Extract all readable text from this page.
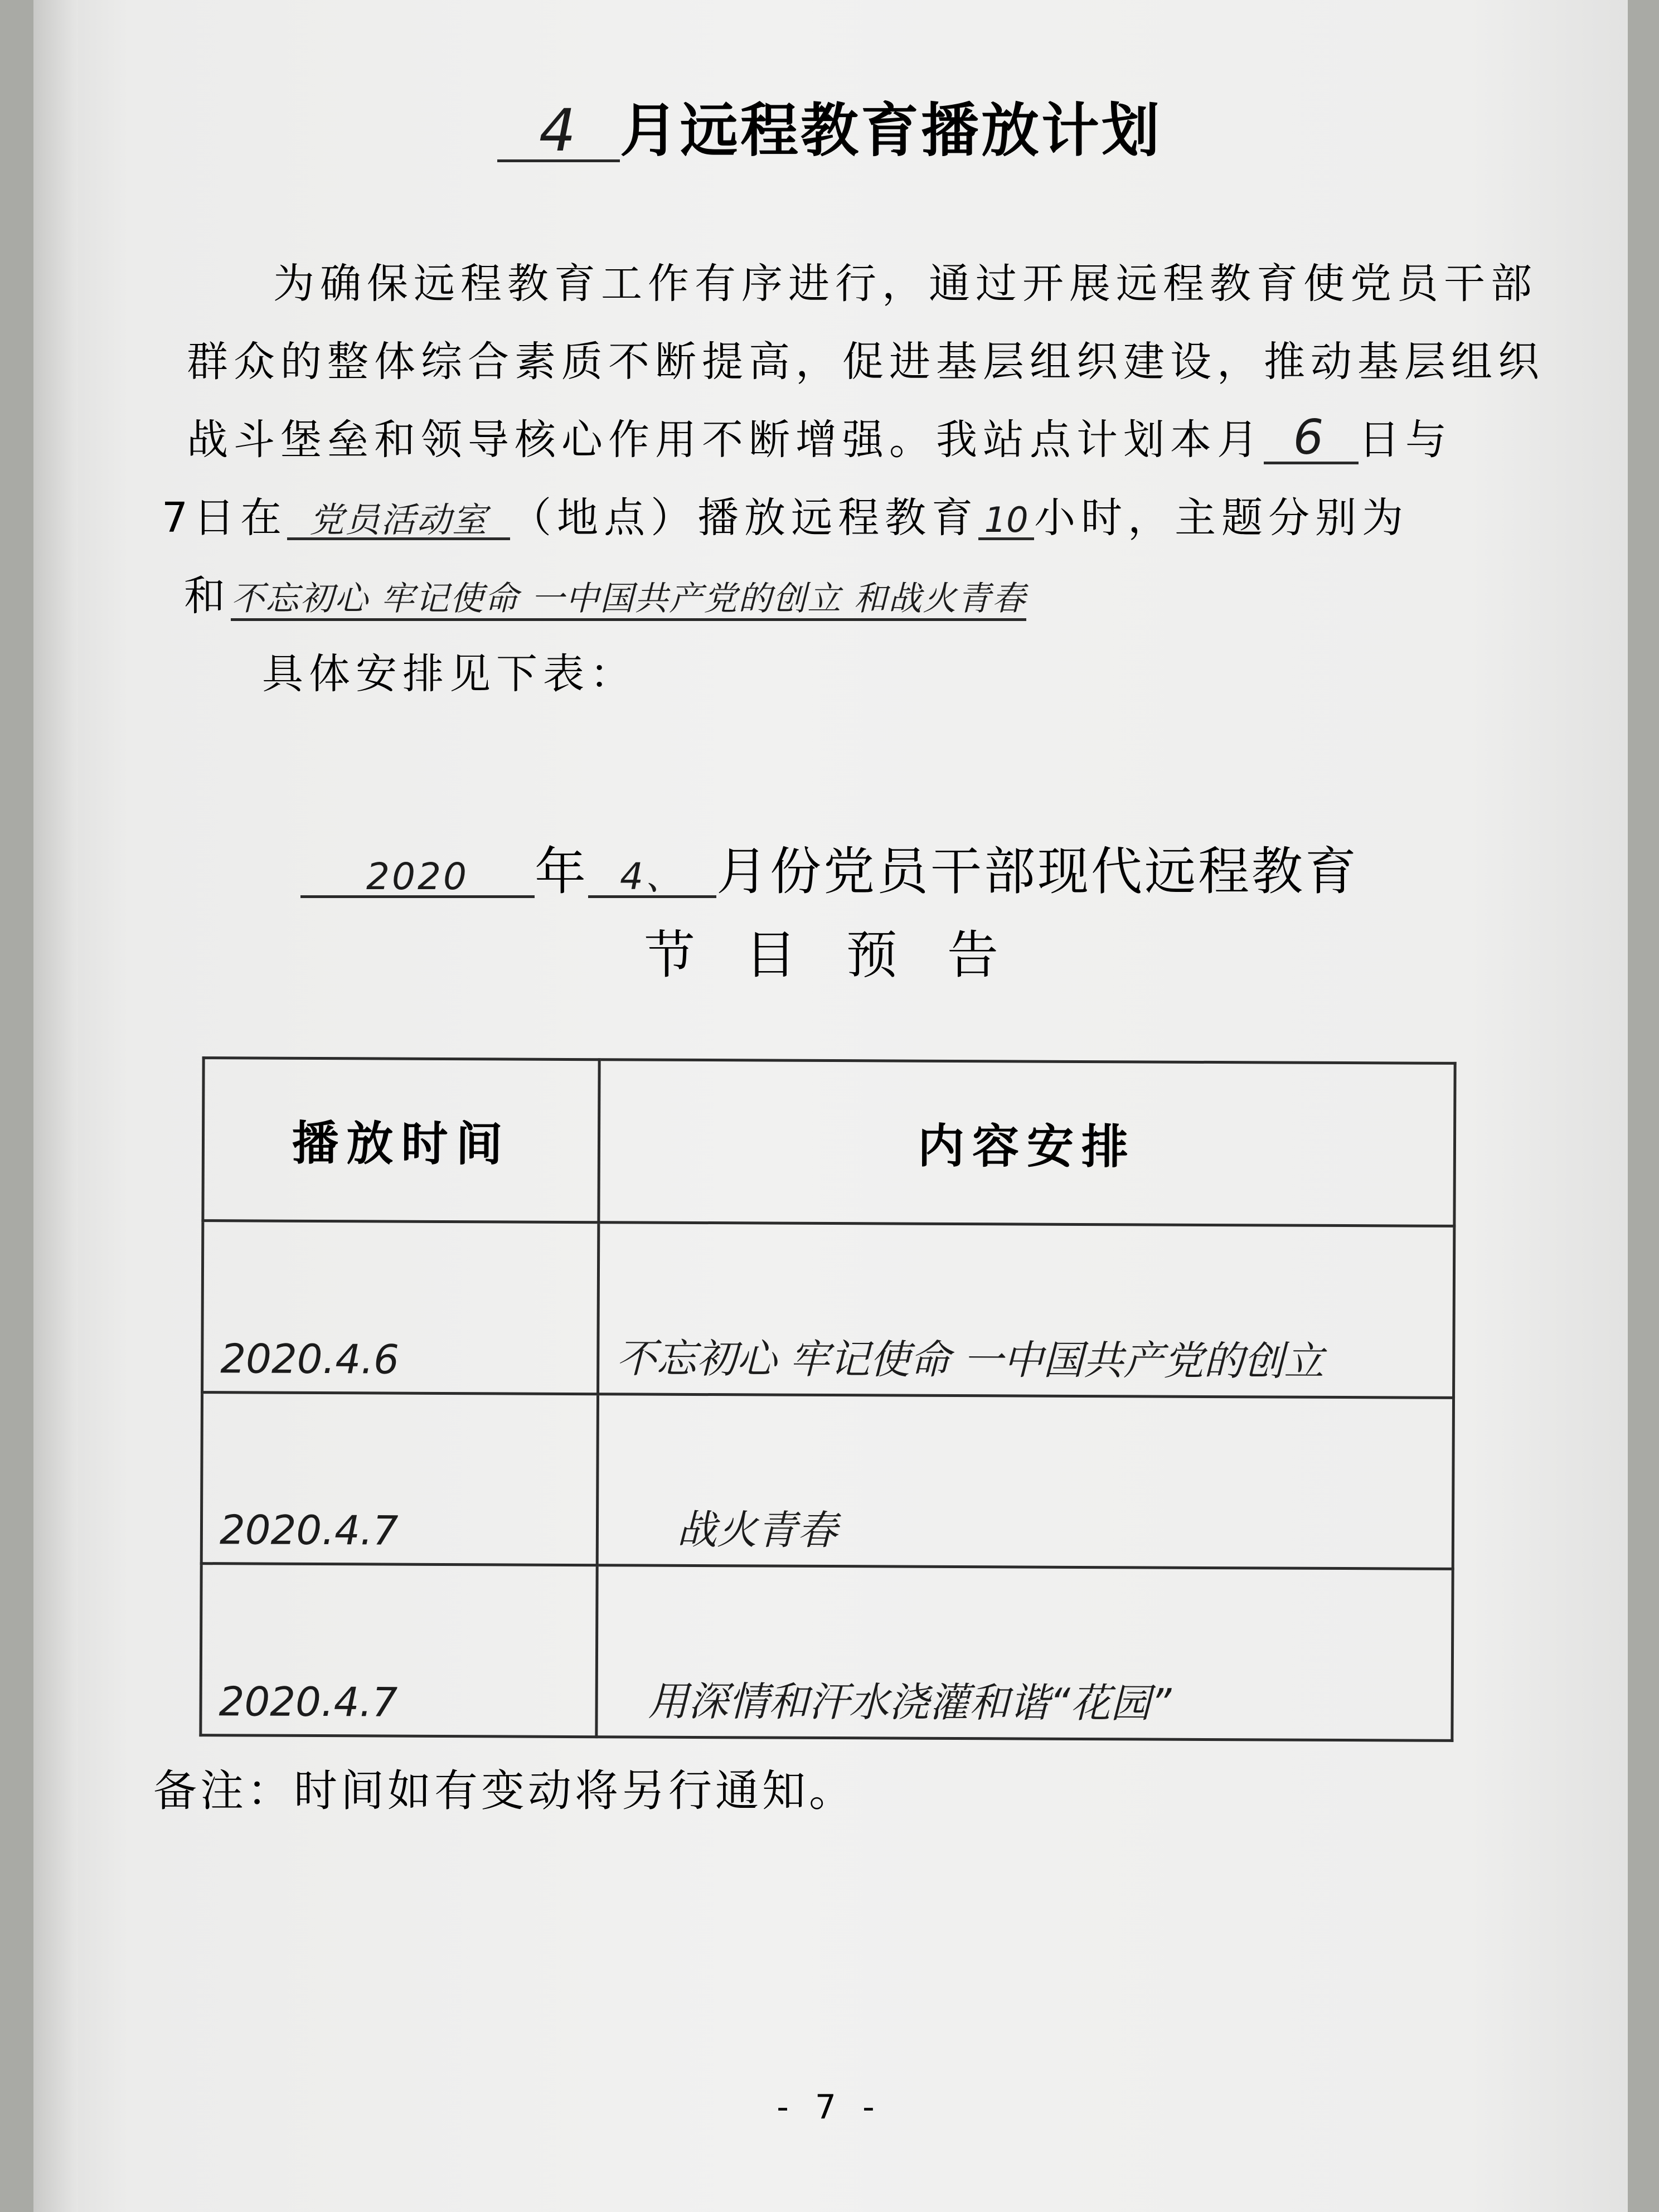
4 月远程教育播放计划
为确保远程教育工作有序进行，通过开展远程教育使党员干部
群众的整体综合素质不断提高，促进基层组织建设，推动基层组织
战斗堡垒和领导核心作用不断增强。我站点计划本月 6 日与
7日在 党员活动室 （地点）播放远程教育 10 小时，主题分别为
和不忘初心 牢记使命 一中国共产党的创立 和战火青春
具体安排见下表：
2020 年 4、 月份党员干部现代远程教育
节 目 预 告
播放时间	内容安排
2020.4.6	不忘初心 牢记使命 一中国共产党的创立
2020.4.7	战火青春
2020.4.7	用深情和汗水浇灌和谐“花园”
备注：时间如有变动将另行通知。
- 7 -
